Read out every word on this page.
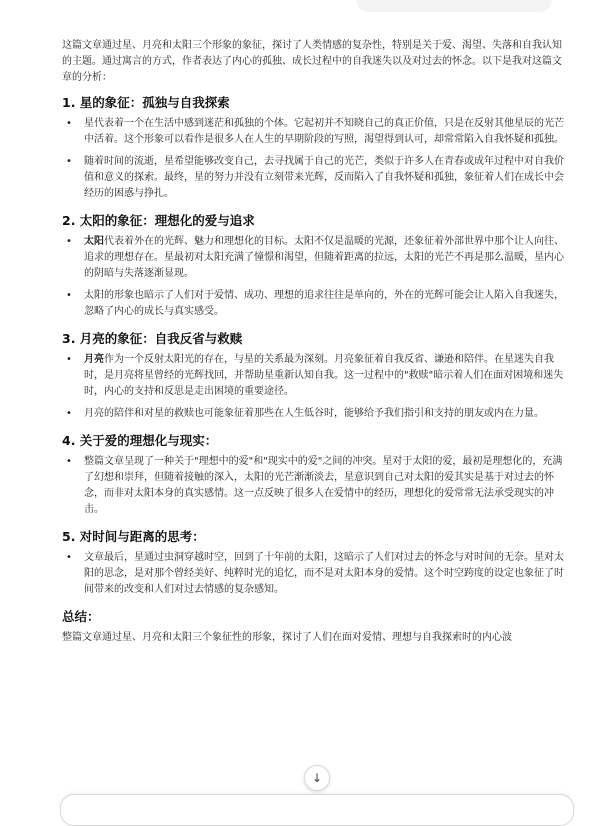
这篇文章通过星、月亮和太阳三个形象的象征，探讨了人类情感的复杂性，特别是关于爱、渴望、失落和自我认知的主题。通过寓言的方式，作者表达了内心的孤独、成长过程中的自我迷失以及对过去的怀念。以下是我对这篇文章的分析：

1. 星的象征：孤独与自我探索
• 星代表着一个在生活中感到迷茫和孤独的个体。它起初并不知晓自己的真正价值，只是在反射其他星辰的光芒中活着。这个形象可以看作是很多人在人生的早期阶段的写照，渴望得到认可，却常常陷入自我怀疑和孤独。
• 随着时间的流逝，星希望能够改变自己，去寻找属于自己的光芒，类似于许多人在青春或成年过程中对自我价值和意义的探索。最终，星的努力并没有立刻带来光辉，反而陷入了自我怀疑和孤独，象征着人们在成长中会经历的困惑与挣扎。
2. 太阳的象征：理想化的爱与追求
• 太阳代表着外在的光辉、魅力和理想化的目标。太阳不仅是温暖的光源，还象征着外部世界中那个让人向往、追求的理想存在。星最初对太阳充满了憧憬和渴望，但随着距离的拉远，太阳的光芒不再是那么温暖，星内心的阴暗与失落逐渐显现。
• 太阳的形象也暗示了人们对于爱情、成功、理想的追求往往是单向的，外在的光辉可能会让人陷入自我迷失，忽略了内心的成长与真实感受。
3. 月亮的象征：自我反省与救赎
• 月亮作为一个反射太阳光的存在，与星的关系最为深刻。月亮象征着自我反省、谦逊和陪伴。在星迷失自我时，是月亮将星曾经的光辉找回，并帮助星重新认知自我。这一过程中的"救赎"暗示着人们在面对困境和迷失时，内心的支持和反思是走出困境的重要途径。
• 月亮的陪伴和对星的救赎也可能象征着那些在人生低谷时，能够给予我们指引和支持的朋友或内在力量。
4. 关于爱的理想化与现实：
• 整篇文章呈现了一种关于"理想中的爱"和"现实中的爱"之间的冲突。星对于太阳的爱，最初是理想化的，充满了幻想和崇拜，但随着接触的深入，太阳的光芒渐渐淡去，星意识到自己对太阳的爱其实是基于对过去的怀念，而非对太阳本身的真实感情。这一点反映了很多人在爱情中的经历，理想化的爱常常无法承受现实的冲击。
5. 对时间与距离的思考：
• 文章最后，星通过虫洞穿越时空，回到了十年前的太阳，这暗示了人们对过去的怀念与对时间的无奈。星对太阳的思念，是对那个曾经美好、纯粹时光的追忆，而不是对太阳本身的爱情。这个时空跨度的设定也象征了时间带来的改变和人们对过去情感的复杂感知。
总结：

整篇文章通过星、月亮和太阳三个象征性的形象，探讨了人们在面对爱情、理想与自我探索时的内心波

↓
